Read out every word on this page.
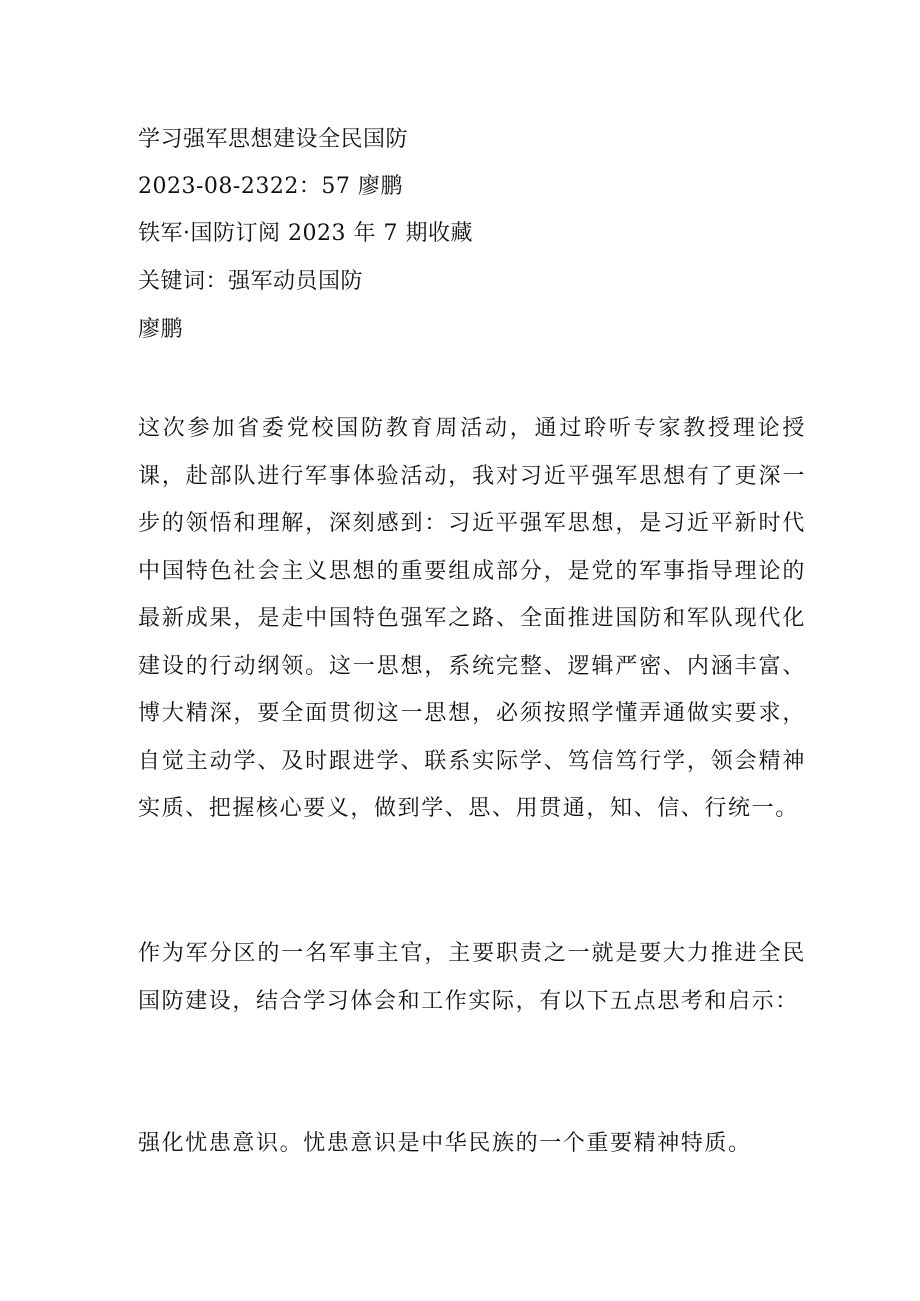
学习强军思想建设全民国防
2023-08-2322：57 廖鹏
铁军·国防订阅 2023 年 7 期收藏
关键词：强军动员国防
廖鹏

这次参加省委党校国防教育周活动，通过聆听专家教授理论授课，赴部队进行军事体验活动，我对习近平强军思想有了更深一步的领悟和理解，深刻感到：习近平强军思想，是习近平新时代中国特色社会主义思想的重要组成部分，是党的军事指导理论的最新成果，是走中国特色强军之路、全面推进国防和军队现代化建设的行动纲领。这一思想，系统完整、逻辑严密、内涵丰富、博大精深，要全面贯彻这一思想，必须按照学懂弄通做实要求，自觉主动学、及时跟进学、联系实际学、笃信笃行学，领会精神实质、把握核心要义，做到学、思、用贯通，知、信、行统一。

作为军分区的一名军事主官，主要职责之一就是要大力推进全民国防建设，结合学习体会和工作实际，有以下五点思考和启示：

强化忧患意识。忧患意识是中华民族的一个重要精神特质。
